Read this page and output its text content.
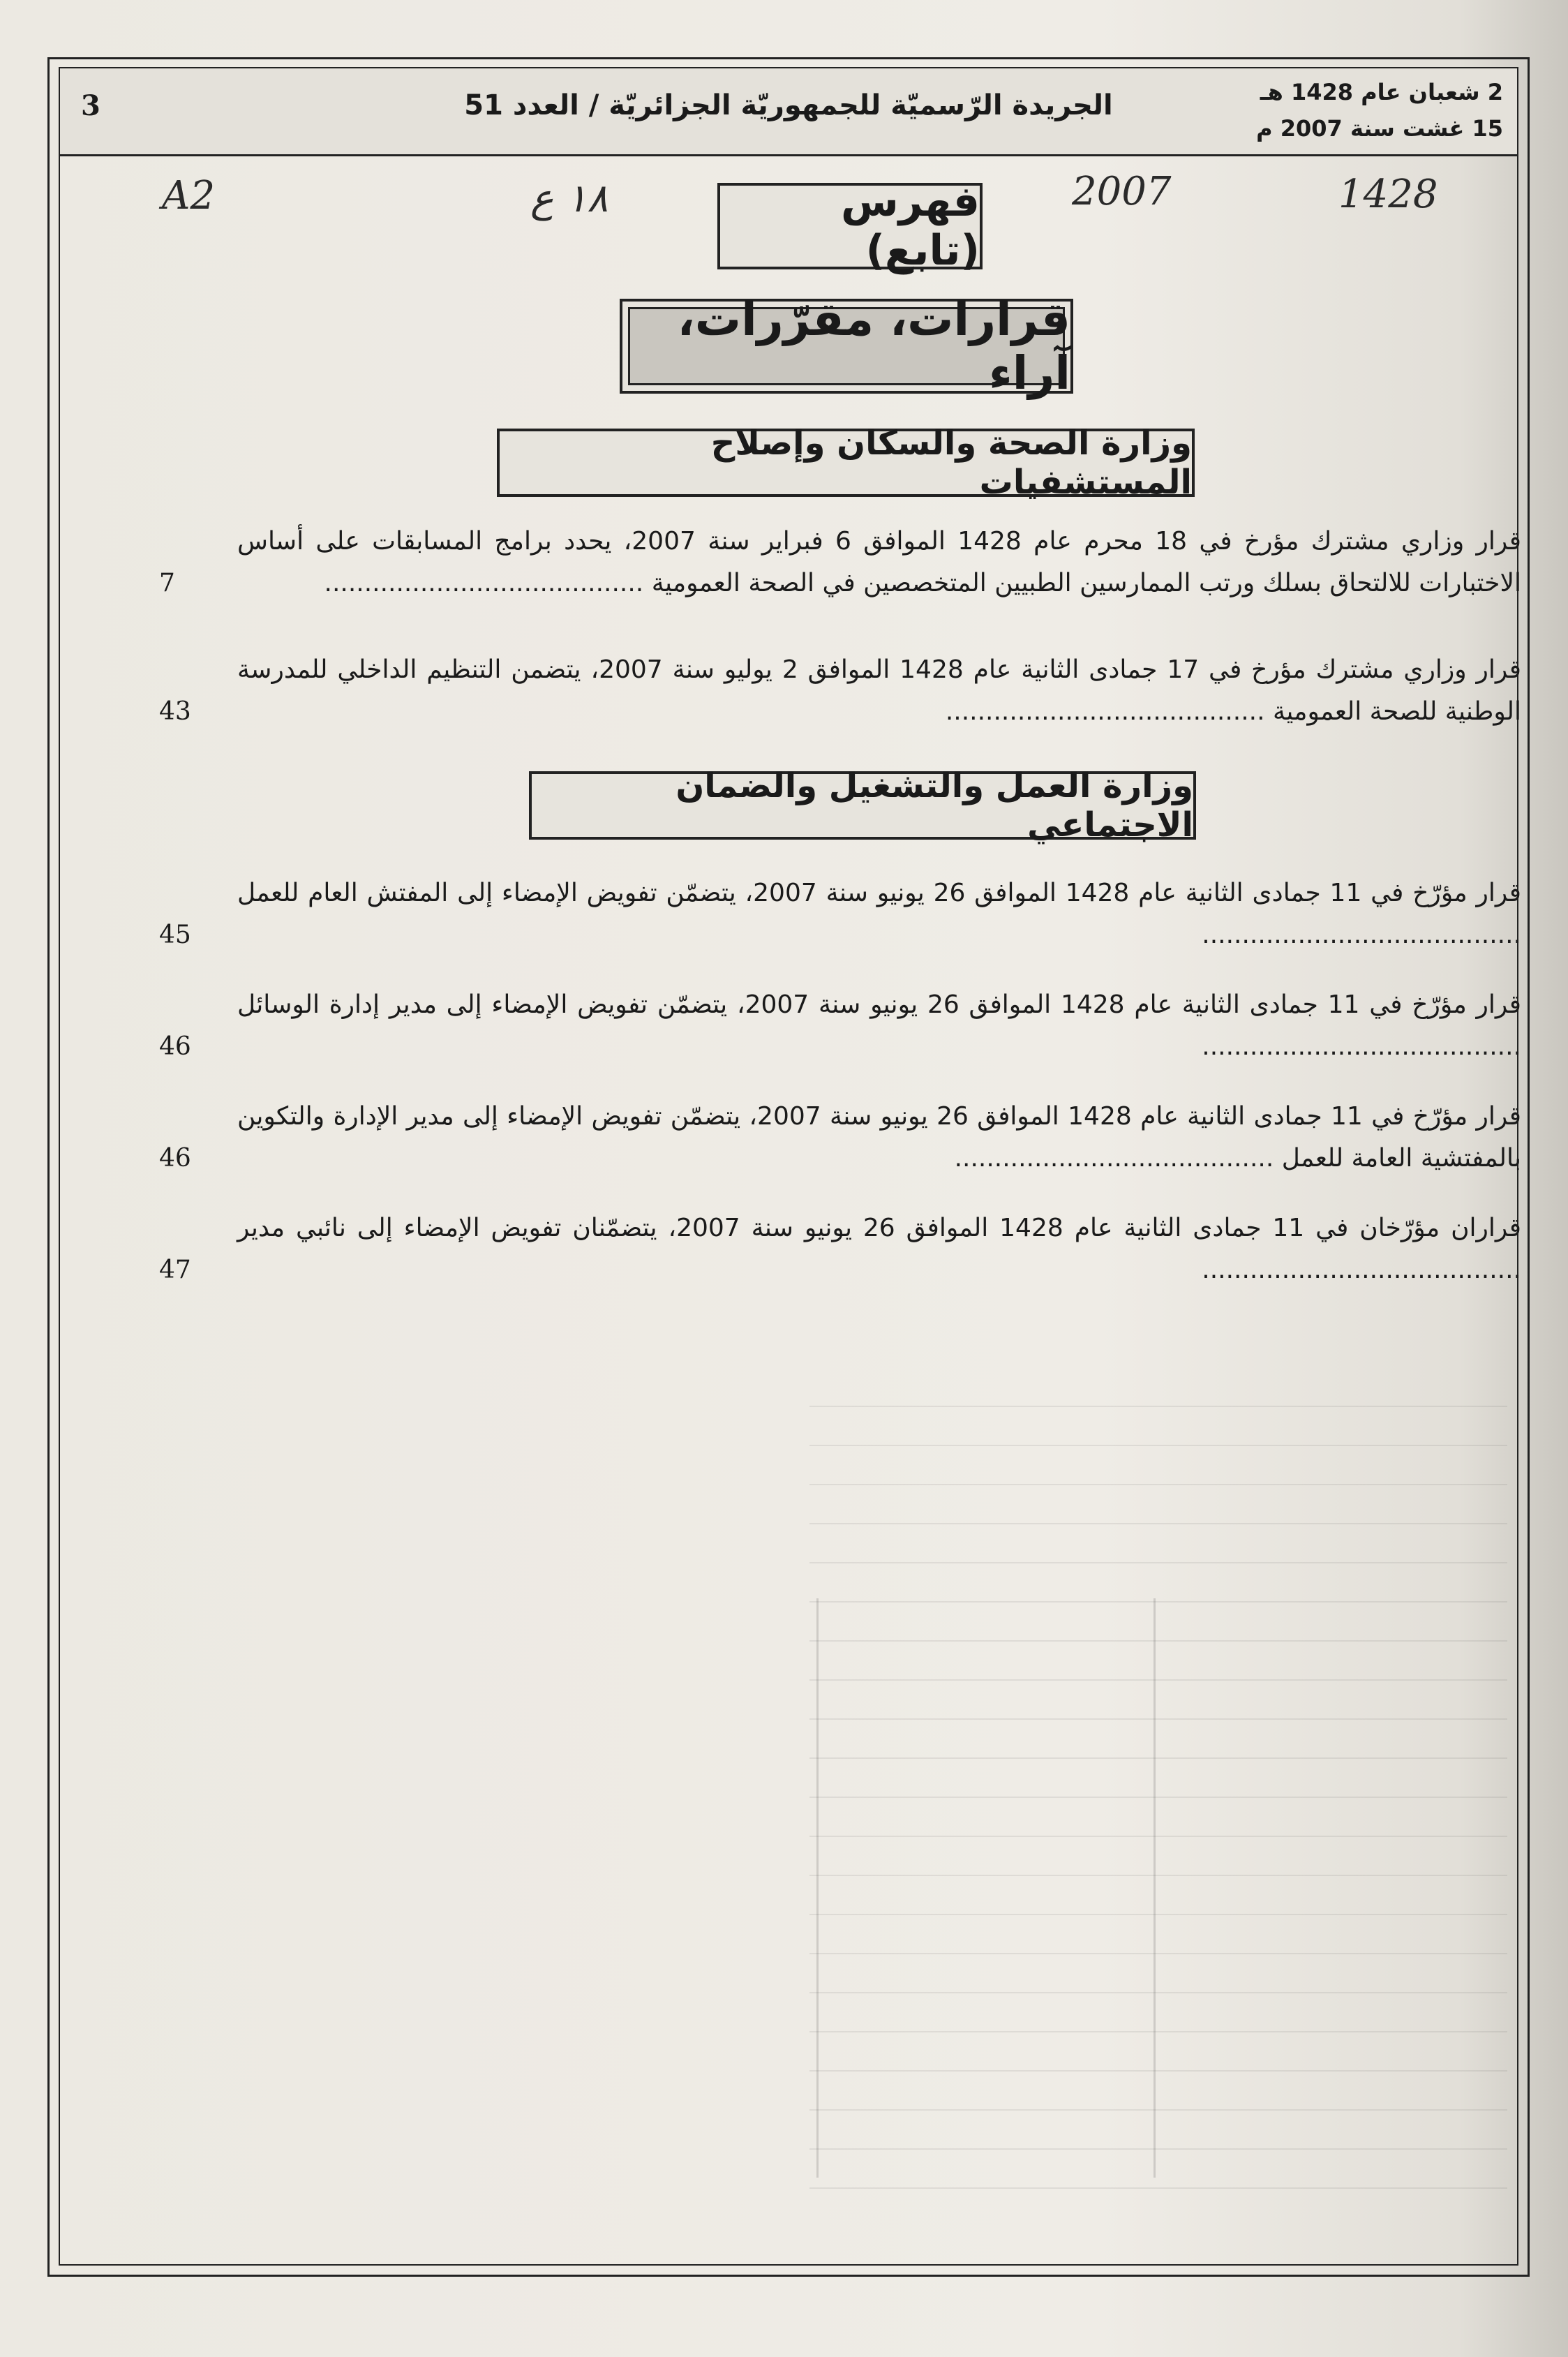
3	الجريدة الرّسميّة للجمهوريّة الجزائريّة / العدد 51	2 شعبان عام 1428 هـ
15 غشت سنة 2007 م
A2	١٨ ع	2007	1428
فهرس (تابع)
قرارات، مقرّرات، آراء
وزارة الصحة والسكان وإصلاح المستشفيات
قرار وزاري مشترك مؤرخ في 18 محرم عام 1428 الموافق 6 فبراير سنة 2007، يحدد برامج المسابقات على أساس الاختبارات للالتحاق بسلك ورتب الممارسين الطبيين المتخصصين في الصحة العمومية ........................................
7
قرار وزاري مشترك مؤرخ في 17 جمادى الثانية عام 1428 الموافق 2 يوليو سنة 2007، يتضمن التنظيم الداخلي للمدرسة الوطنية للصحة العمومية ........................................
43
وزارة العمل والتشغيل والضمان الاجتماعي
قرار مؤرّخ في 11 جمادى الثانية عام 1428 الموافق 26 يونيو سنة 2007، يتضمّن تفويض الإمضاء إلى المفتش العام للعمل ........................................
45
قرار مؤرّخ في 11 جمادى الثانية عام 1428 الموافق 26 يونيو سنة 2007، يتضمّن تفويض الإمضاء إلى مدير إدارة الوسائل ........................................
46
قرار مؤرّخ في 11 جمادى الثانية عام 1428 الموافق 26 يونيو سنة 2007، يتضمّن تفويض الإمضاء إلى مدير الإدارة والتكوين بالمفتشية العامة للعمل ........................................
46
قراران مؤرّخان في 11 جمادى الثانية عام 1428 الموافق 26 يونيو سنة 2007، يتضمّنان تفويض الإمضاء إلى نائبي مدير ........................................
47
